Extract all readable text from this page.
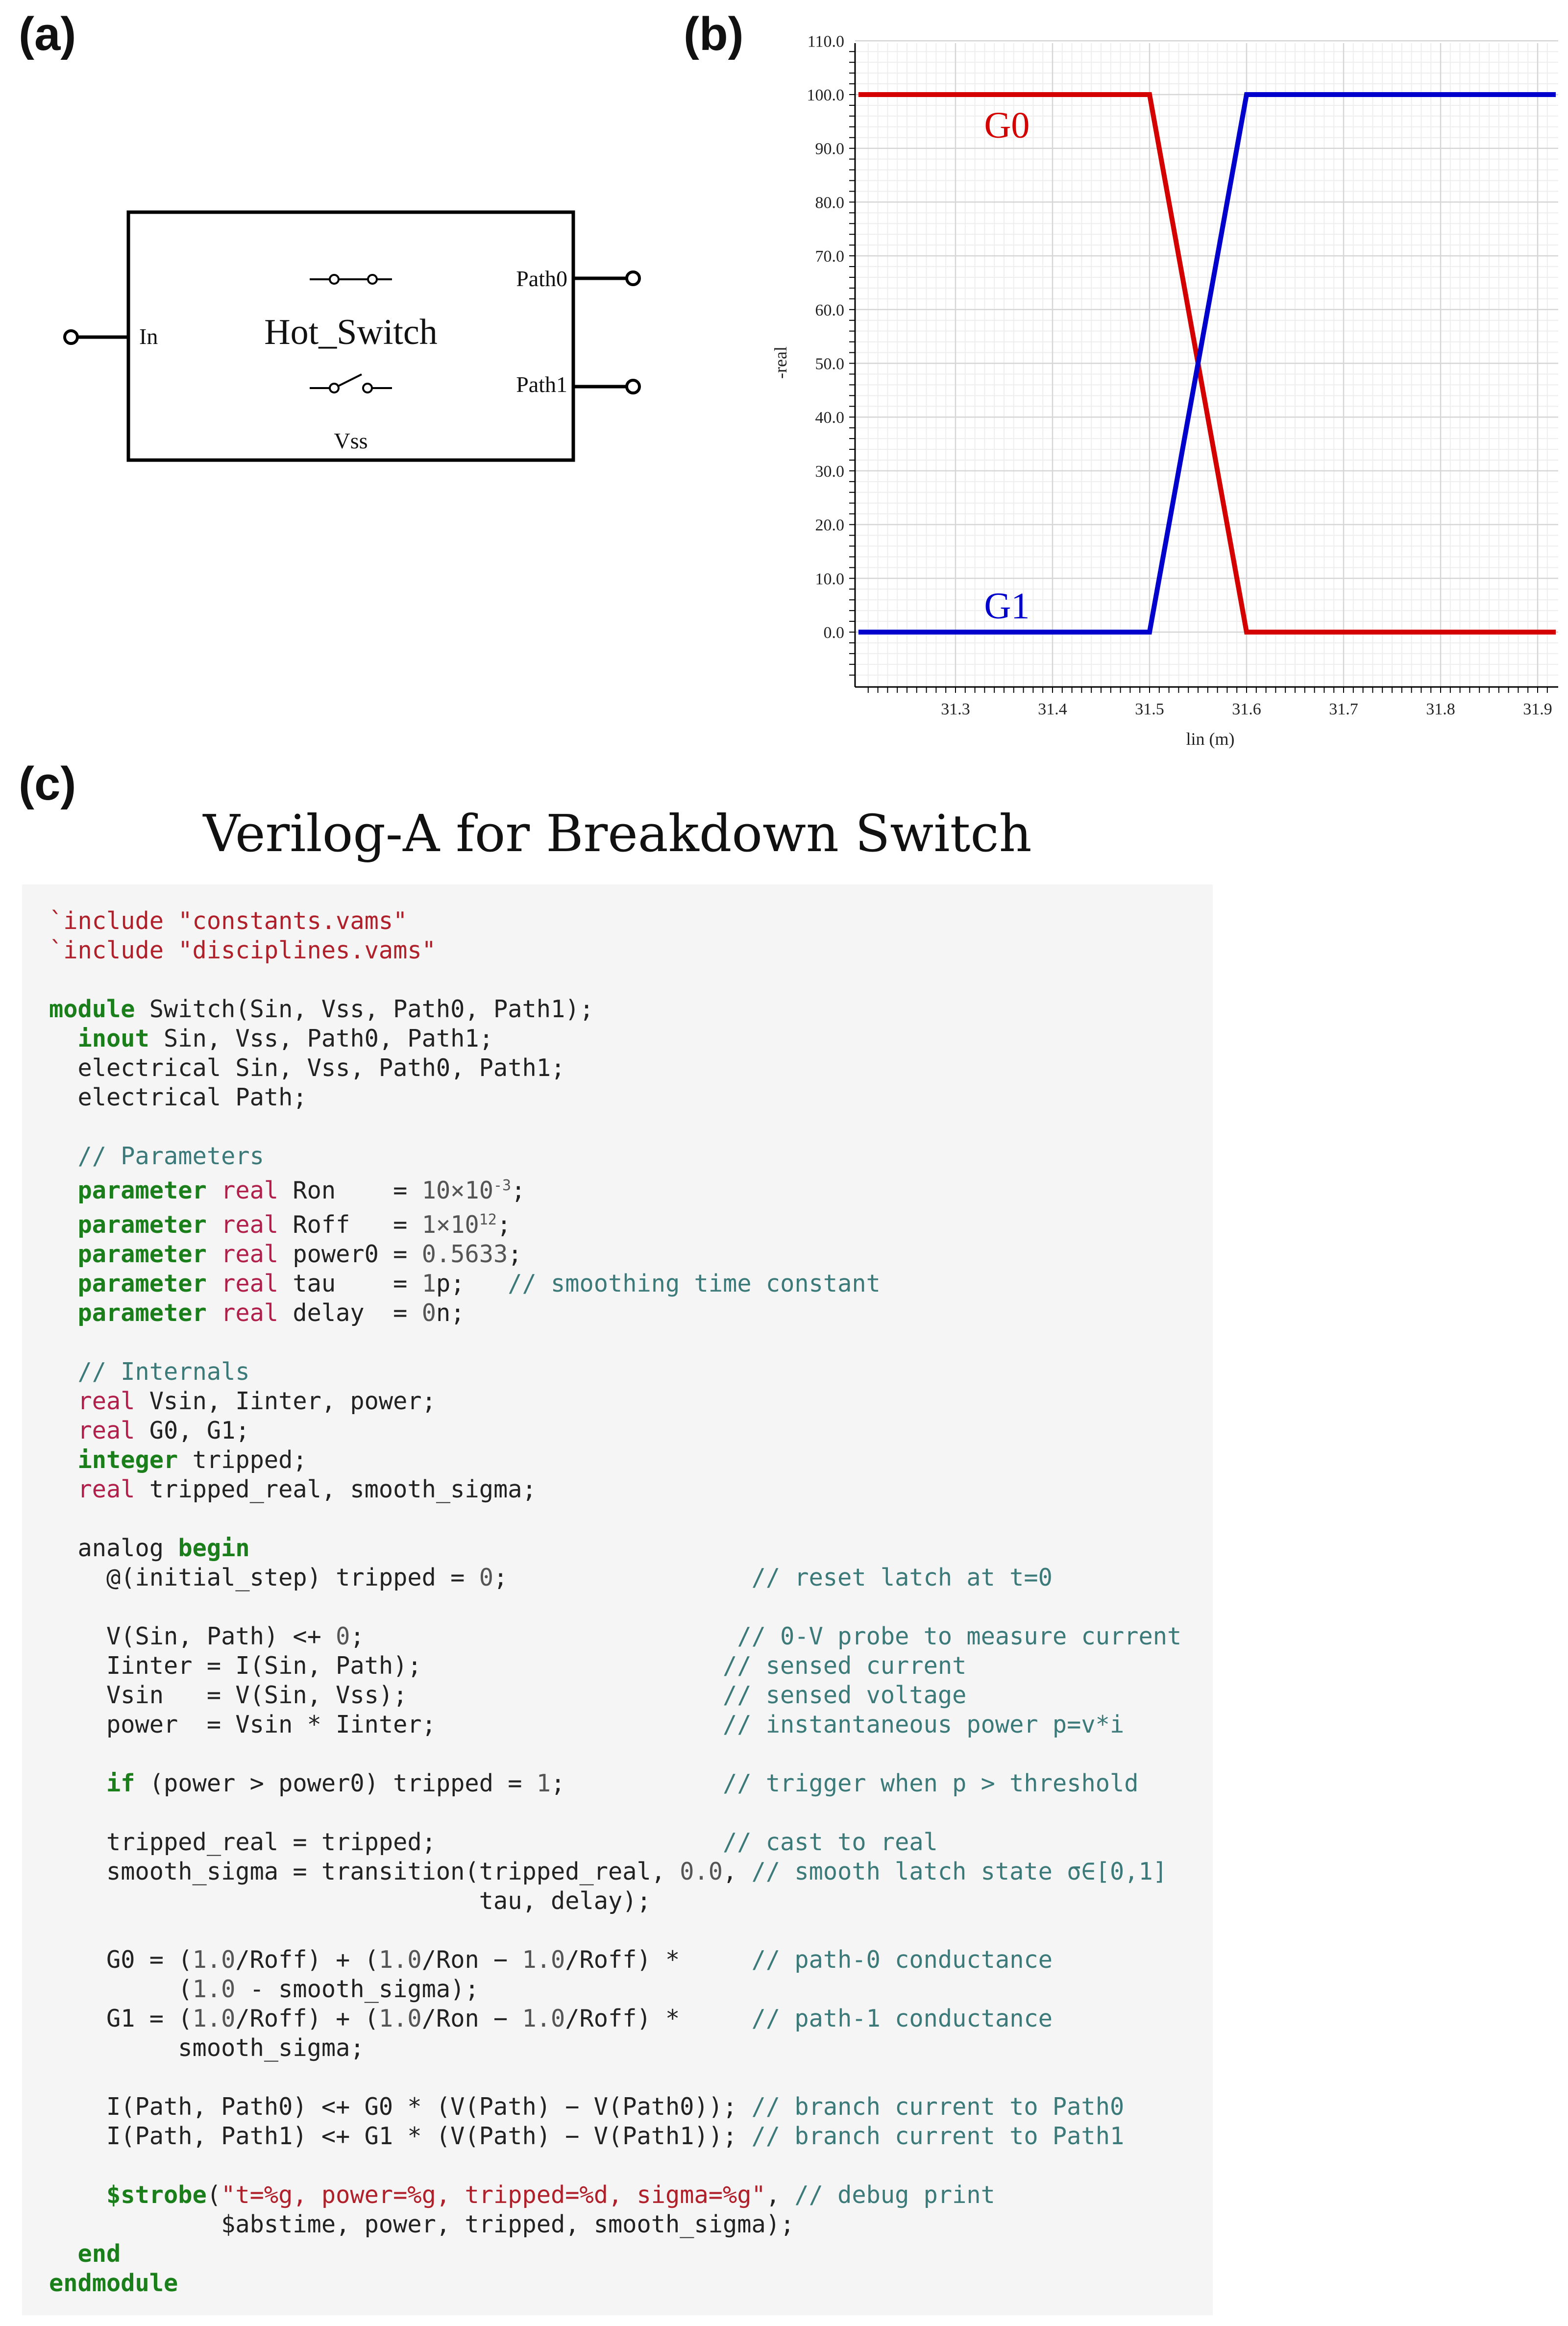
(a)	(b)
(c)
Hot_Switch
In
Path0
Path1
Vss
31.3	31.4	31.5	31.6	31.7	31.8	31.9
110.0
100.0
90.0
80.0
70.0
60.0
50.0
40.0
30.0
20.0
10.0
0.0
lin (m)
-real
G0
G1
Verilog-A for Breakdown Switch
`include "constants.vams"
`include "disciplines.vams"

module Switch(Sin, Vss, Path0, Path1);
inout Sin, Vss, Path0, Path1;
electrical Sin, Vss, Path0, Path1;
electrical Path;

// Parameters
parameter real Ron    = $10\times 10^{-3}$;
parameter real Roff   = $1\times 10^{12}$;
parameter real power0 = 0.5633;
parameter real tau    = 1p;   // smoothing time constant
parameter real delay  = 0n;

// Internals
real Vsin, Iinter, power;
real G0, G1;
integer tripped;
real tripped_real, smooth_sigma;

analog begin
@(initial_step) tripped = 0;                 // reset latch at t=0

V(Sin, Path) <+ 0;                          // 0-V probe to measure current
Iinter = I(Sin, Path);	// sensed current
Vsin   = V(Sin, Vss);	// sensed voltage
power  = Vsin * Iinter;	// instantaneous power p=v*i

if (power > power0) tripped = 1;           // trigger when p > threshold

tripped_real = tripped;	// cast to real
smooth_sigma = transition(tripped_real, 0.0, // smooth latch state σ∈[0,1]
tau, delay);

G0 = (1.0/Roff) + (1.0/Ron − 1.0/Roff) *     // path-0 conductance
(1.0 - smooth_sigma);
G1 = (1.0/Roff) + (1.0/Ron − 1.0/Roff) *     // path-1 conductance
smooth_sigma;

I(Path, Path0) <+ G0 * (V(Path) − V(Path0)); // branch current to Path0
I(Path, Path1) <+ G1 * (V(Path) − V(Path1)); // branch current to Path1

$strobe("t=%g, power=%g, tripped=%d, sigma=%g", // debug print
$abstime, power, tripped, smooth_sigma);
end
endmodule
